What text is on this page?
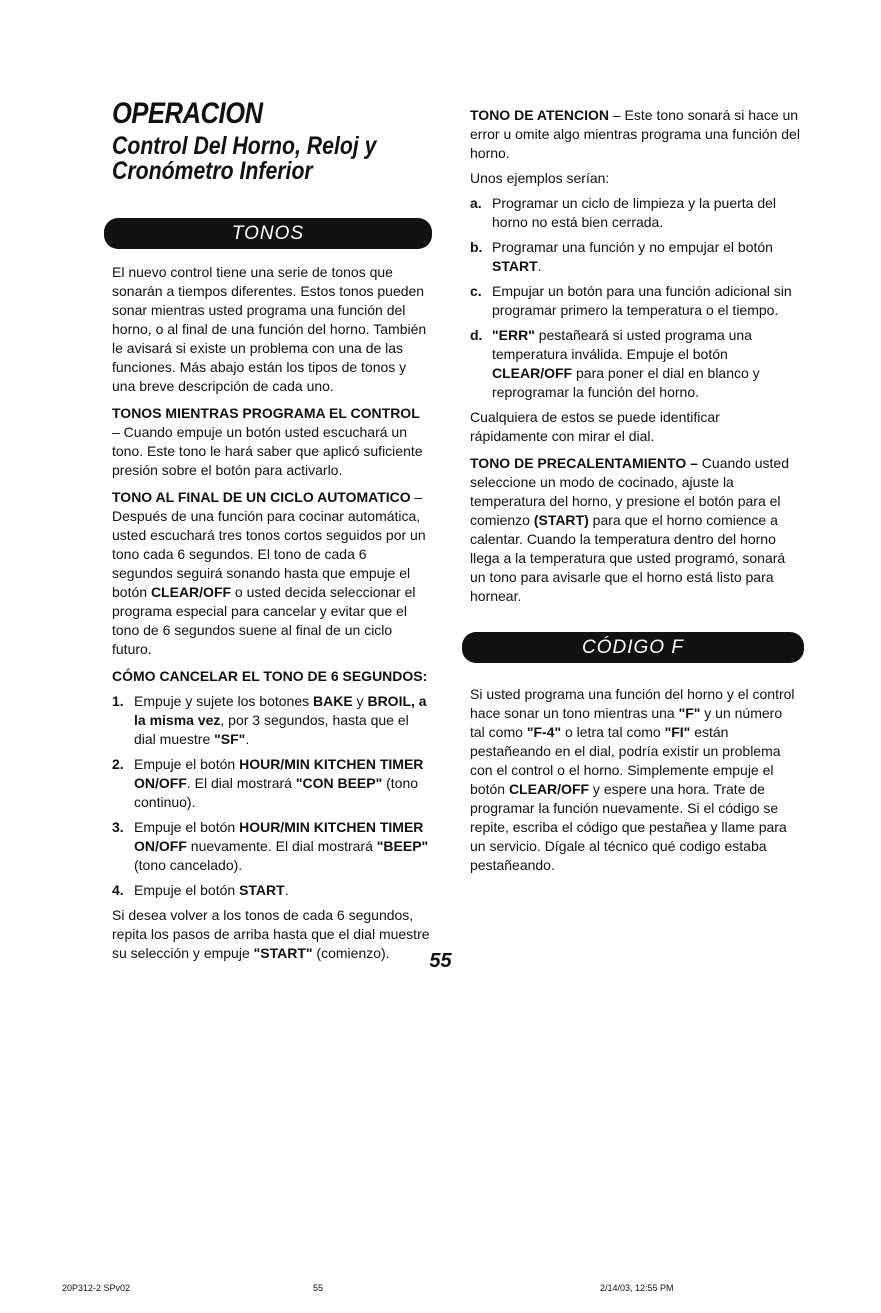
OPERACION
Control Del Horno, Reloj y
Cronómetro Inferior
TONOS

El nuevo control tiene una serie de tonos que sonarán a tiempos diferentes. Estos tonos pueden sonar mientras usted programa una función del horno, o al final de una función del horno. También le avisará si existe un problema con una de las funciones. Más abajo están los tipos de tonos y una breve descripción de cada uno.

TONOS MIENTRAS PROGRAMA EL CONTROL – Cuando empuje un botón usted escuchará un tono. Este tono le hará saber que aplicó suficiente presión sobre el botón para activarlo.

TONO AL FINAL DE UN CICLO AUTOMATICO – Después de una función para cocinar automática, usted escuchará tres tonos cortos seguidos por un tono cada 6 segundos. El tono de cada 6 segundos seguirá sonando hasta que empuje el botón CLEAR/OFF o usted decida seleccionar el programa especial para cancelar y evitar que el tono de 6 segundos suene al final de un ciclo futuro.

CÓMO CANCELAR EL TONO DE 6 SEGUNDOS:

1. Empuje y sujete los botones BAKE y BROIL, a la misma vez, por 3 segundos, hasta que el dial muestre "SF".
2. Empuje el botón HOUR/MIN KITCHEN TIMER ON/OFF. El dial mostrará "CON BEEP" (tono continuo).
3. Empuje el botón HOUR/MIN KITCHEN TIMER ON/OFF nuevamente. El dial mostrará "BEEP" (tono cancelado).
4. Empuje el botón START.

Si desea volver a los tonos de cada 6 segundos, repita los pasos de arriba hasta que el dial muestre su selección y empuje "START" (comienzo).

TONO DE ATENCION – Este tono sonará si hace un error u omite algo mientras programa una función del horno.

Unos ejemplos serían:

a. Programar un ciclo de limpieza y la puerta del horno no está bien cerrada.
b. Programar una función y no empujar el botón START.
c. Empujar un botón para una función adicional sin programar primero la temperatura o el tiempo.
d. "ERR" pestañeará si usted programa una temperatura inválida. Empuje el botón CLEAR/OFF para poner el dial en blanco y reprogramar la función del horno.

Cualquiera de estos se puede identificar rápidamente con mirar el dial.

TONO DE PRECALENTAMIENTO – Cuando usted seleccione un modo de cocinado, ajuste la temperatura del horno, y presione el botón para el comienzo (START) para que el horno comience a calentar. Cuando la temperatura dentro del horno llega a la temperatura que usted programó, sonará un tono para avisarle que el horno está listo para hornear.

CÓDIGO F

Si usted programa una función del horno y el control hace sonar un tono mientras una "F" y un número tal como "F-4" o letra tal como "FI" están pestañeando en el dial, podría existir un problema con el control o el horno. Simplemente empuje el botón CLEAR/OFF y espere una hora. Trate de programar la función nuevamente. Si el código se repite, escriba el código que pestañea y llame para un servicio. Dígale al técnico qué codigo estaba pestañeando.

55
20P312-2 SPv02	55	2/14/03, 12:55 PM
